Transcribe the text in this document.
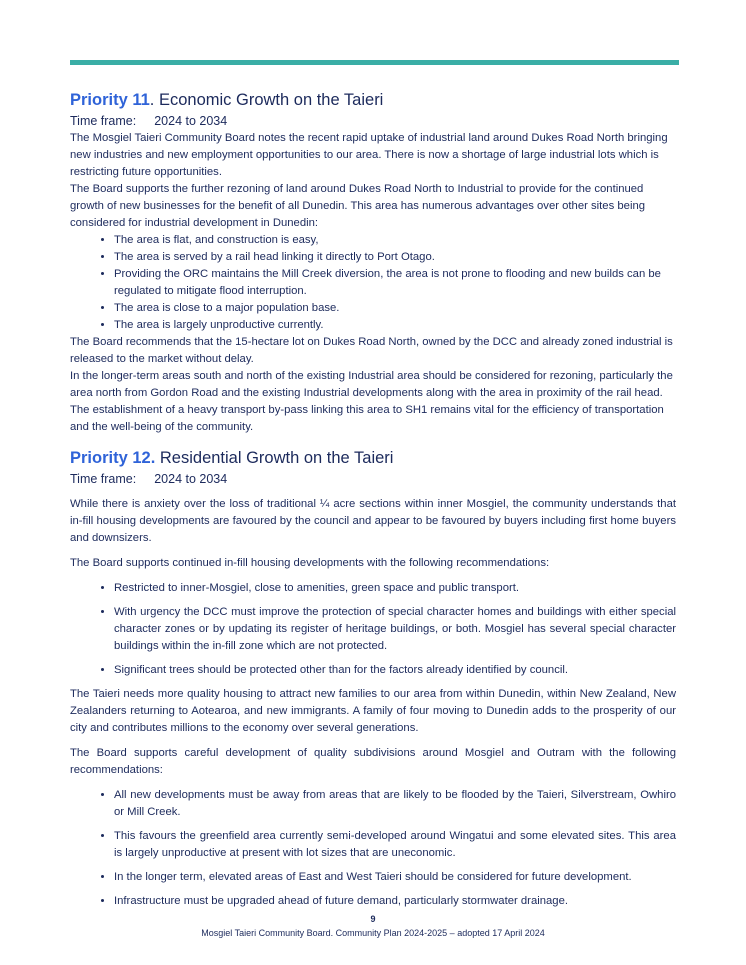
Priority 11. Economic Growth on the Taieri
Time frame: 2024 to 2034

The Mosgiel Taieri Community Board notes the recent rapid uptake of industrial land around Dukes Road North bringing new industries and new employment opportunities to our area. There is now a shortage of large industrial lots which is restricting future opportunities.

The Board supports the further rezoning of land around Dukes Road North to Industrial to provide for the continued growth of new businesses for the benefit of all Dunedin. This area has numerous advantages over other sites being considered for industrial development in Dunedin:

• The area is flat, and construction is easy,
• The area is served by a rail head linking it directly to Port Otago.
• Providing the ORC maintains the Mill Creek diversion, the area is not prone to flooding and new builds can be regulated to mitigate flood interruption.
• The area is close to a major population base.
• The area is largely unproductive currently.

The Board recommends that the 15-hectare lot on Dukes Road North, owned by the DCC and already zoned industrial is released to the market without delay.

In the longer-term areas south and north of the existing Industrial area should be considered for rezoning, particularly the area north from Gordon Road and the existing Industrial developments along with the area in proximity of the rail head.

The establishment of a heavy transport by-pass linking this area to SH1 remains vital for the efficiency of transportation and the well-being of the community.

Priority 12. Residential Growth on the Taieri
Time frame: 2024 to 2034

While there is anxiety over the loss of traditional ¼ acre sections within inner Mosgiel, the community understands that in-fill housing developments are favoured by the council and appear to be favoured by buyers including first home buyers and downsizers.

The Board supports continued in-fill housing developments with the following recommendations:

• Restricted to inner-Mosgiel, close to amenities, green space and public transport.
• With urgency the DCC must improve the protection of special character homes and buildings with either special character zones or by updating its register of heritage buildings, or both. Mosgiel has several special character buildings within the in-fill zone which are not protected.
• Significant trees should be protected other than for the factors already identified by council.

The Taieri needs more quality housing to attract new families to our area from within Dunedin, within New Zealand, New Zealanders returning to Aotearoa, and new immigrants. A family of four moving to Dunedin adds to the prosperity of our city and contributes millions to the economy over several generations.

The Board supports careful development of quality subdivisions around Mosgiel and Outram with the following recommendations:

• All new developments must be away from areas that are likely to be flooded by the Taieri, Silverstream, Owhiro or Mill Creek.
• This favours the greenfield area currently semi-developed around Wingatui and some elevated sites. This area is largely unproductive at present with lot sizes that are uneconomic.
• In the longer term, elevated areas of East and West Taieri should be considered for future development.
• Infrastructure must be upgraded ahead of future demand, particularly stormwater drainage.
9
Mosgiel Taieri Community Board. Community Plan 2024-2025 – adopted 17 April 2024
